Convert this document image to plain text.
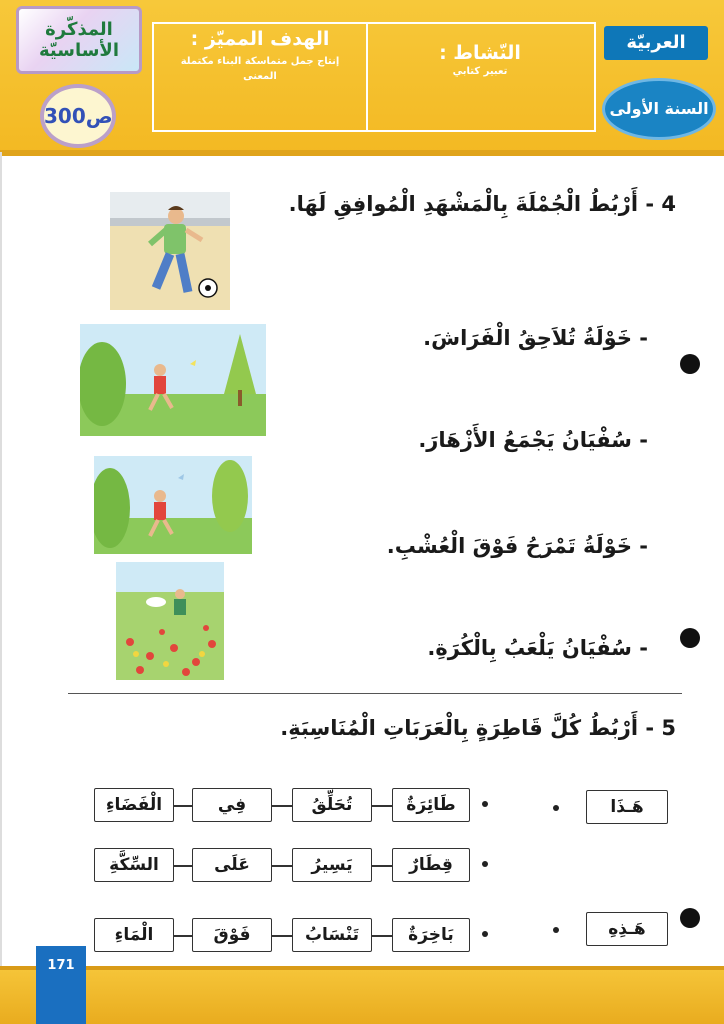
المذكّرة الأساسيّة
ص300
الهدف المميّز :
إنتاج جمل متماسكة البناء مكتملة المعنى
النّشاط :
تعبير كتابي
العربيّة
السنة الأولى
4 - أَرْبُطُ الْجُمْلَةَ بِالْمَشْهَدِ الْمُوافِقِ لَهَا.
- خَوْلَةُ تُلاَحِقُ الْفَرَاشَ.
- سُفْيَانُ يَجْمَعُ الأَزْهَارَ.
- خَوْلَةُ تَمْرَحُ فَوْقَ الْعُشْبِ.
- سُفْيَانُ يَلْعَبُ بِالْكُرَةِ.
5 - أَرْبُطُ كُلَّ قَاطِرَةٍ بِالْعَرَبَاتِ الْمُنَاسِبَةِ.
هَـذَا
هَـذِهِ
طَائِرَةٌ
تُحَلِّقُ
فِي
الْفَضَاءِ
قِطَارٌ
يَسِيرُ
عَلَى
السِّكَّةِ
بَاخِرَةٌ
تَنْسَابُ
فَوْقَ
الْمَاءِ
171
